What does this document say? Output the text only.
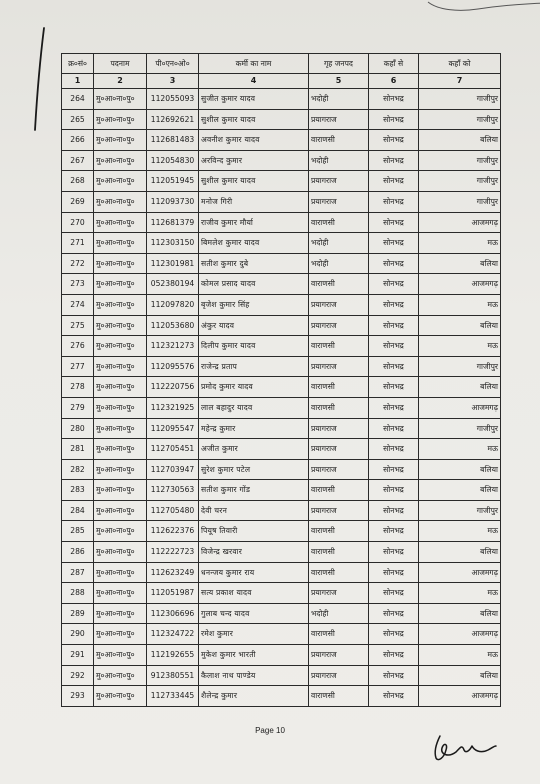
क्र०सं०	पदनाम	पी०एन०ओ०	कर्मी का नाम	गृह जनपद	कहाँ से	कहाँ को
1	2	3	4	5	6	7
264	मु०आ०ना०पु०	112055093	सुजीत कुमार यादव	भदोही	सोनभद्र	गाजीपुर
265	मु०आ०ना०पु०	112692621	सुशील कुमार यादव	प्रयागराज	सोनभद्र	गाजीपुर
266	मु०आ०ना०पु०	112681483	अवनीश कुमार यादव	वाराणसी	सोनभद्र	बलिया
267	मु०आ०ना०पु०	112054830	अरविन्द कुमार	भदोही	सोनभद्र	गाजीपुर
268	मु०आ०ना०पु०	112051945	सुशील कुमार यादव	प्रयागराज	सोनभद्र	गाजीपुर
269	मु०आ०ना०पु०	112093730	मनोज गिरी	प्रयागराज	सोनभद्र	गाजीपुर
270	मु०आ०ना०पु०	112681379	राजीव कुमार मौर्या	वाराणसी	सोनभद्र	आजमगढ़
271	मु०आ०ना०पु०	112303150	बिमलेश कुमार यादव	भदोही	सोनभद्र	मऊ
272	मु०आ०ना०पु०	112301981	सतीश कुमार दुबे	भदोही	सोनभद्र	बलिया
273	मु०आ०ना०पु०	052380194	कोमल प्रसाद यादव	वाराणसी	सोनभद्र	आजमगढ़
274	मु०आ०ना०पु०	112097820	बृजेश कुमार सिंह	प्रयागराज	सोनभद्र	मऊ
275	मु०आ०ना०पु०	112053680	अंकुर यादव	प्रयागराज	सोनभद्र	बलिया
276	मु०आ०ना०पु०	112321273	दिलीप कुमार यादव	वाराणसी	सोनभद्र	मऊ
277	मु०आ०ना०पु०	112095576	राजेन्द्र प्रताप	प्रयागराज	सोनभद्र	गाजीपुर
278	मु०आ०ना०पु०	112220756	प्रमोद कुमार यादव	वाराणसी	सोनभद्र	बलिया
279	मु०आ०ना०पु०	112321925	लाल बहादुर यादव	वाराणसी	सोनभद्र	आजमगढ़
280	मु०आ०ना०पु०	112095547	महेन्द्र कुमार	प्रयागराज	सोनभद्र	गाजीपुर
281	मु०आ०ना०पु०	112705451	अजीत कुमार	प्रयागराज	सोनभद्र	मऊ
282	मु०आ०ना०पु०	112703947	सुरेश कुमार पटेल	प्रयागराज	सोनभद्र	बलिया
283	मु०आ०ना०पु०	112730563	सतीश कुमार गोंड	वाराणसी	सोनभद्र	बलिया
284	मु०आ०ना०पु०	112705480	देवी चरन	प्रयागराज	सोनभद्र	गाजीपुर
285	मु०आ०ना०पु०	112622376	पियूष तिवारी	वाराणसी	सोनभद्र	मऊ
286	मु०आ०ना०पु०	112222723	विजेन्द्र खरवार	वाराणसी	सोनभद्र	बलिया
287	मु०आ०ना०पु०	112623249	धनन्जय कुमार राय	वाराणसी	सोनभद्र	आजमगढ़
288	मु०आ०ना०पु०	112051987	सत्य प्रकाश यादव	प्रयागराज	सोनभद्र	मऊ
289	मु०आ०ना०पु०	112306696	गुलाब चन्द यादव	भदोही	सोनभद्र	बलिया
290	मु०आ०ना०पु०	112324722	रमेश कुमार	वाराणसी	सोनभद्र	आजमगढ़
291	मु०आ०ना०पु०	112192655	मुकेश कुमार भारती	प्रयागराज	सोनभद्र	मऊ
292	मु०आ०ना०पु०	912380551	कैलाश नाथ पाण्डेय	प्रयागराज	सोनभद्र	बलिया
293	मु०आ०ना०पु०	112733445	शैलेन्द्र कुमार	वाराणसी	सोनभद्र	आजमगढ़
Page 10
